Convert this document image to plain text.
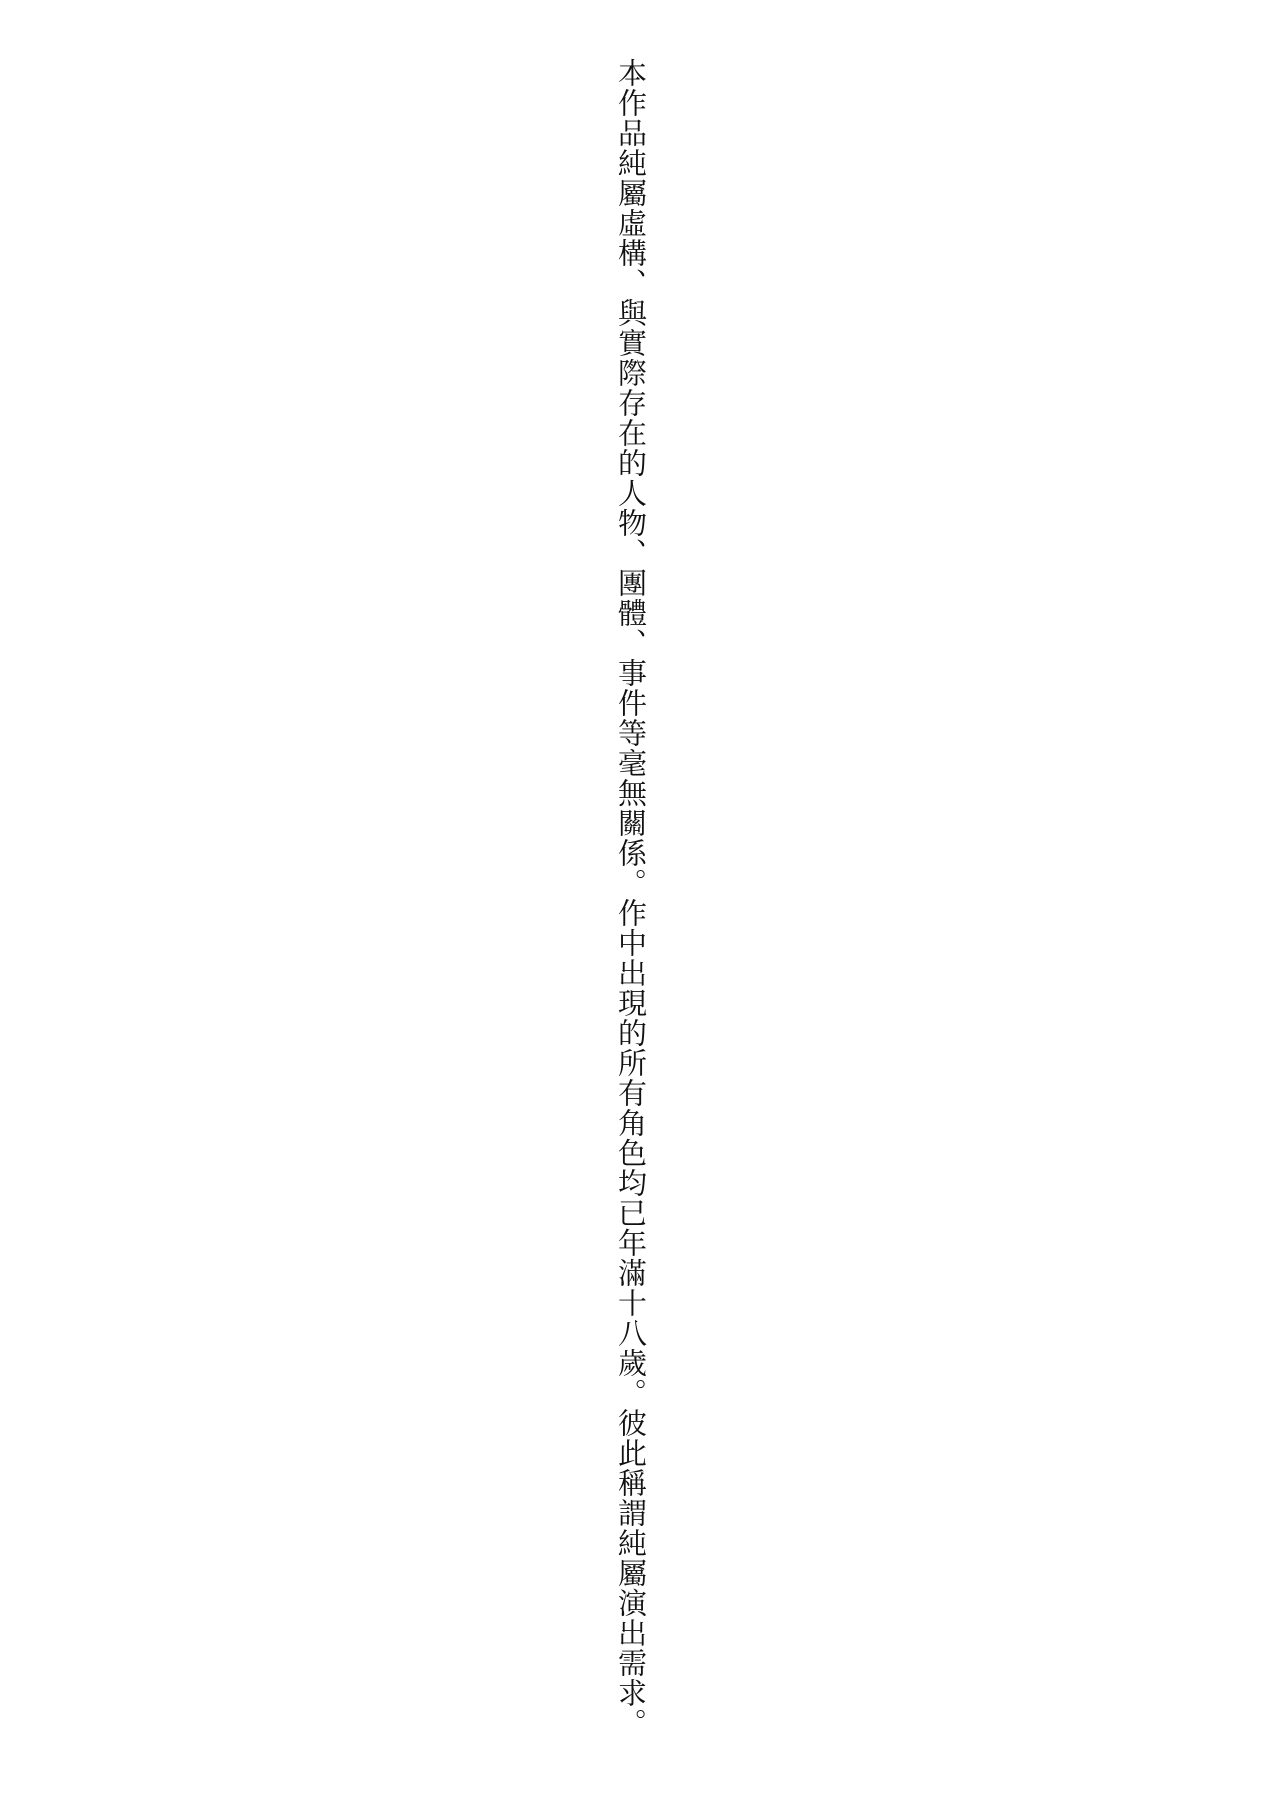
本作品純屬虛構、與實際存在的人物、團體、事件等毫無關係。作中出現的所有角色均已年滿十八歲。彼此稱謂純屬演出需求。
